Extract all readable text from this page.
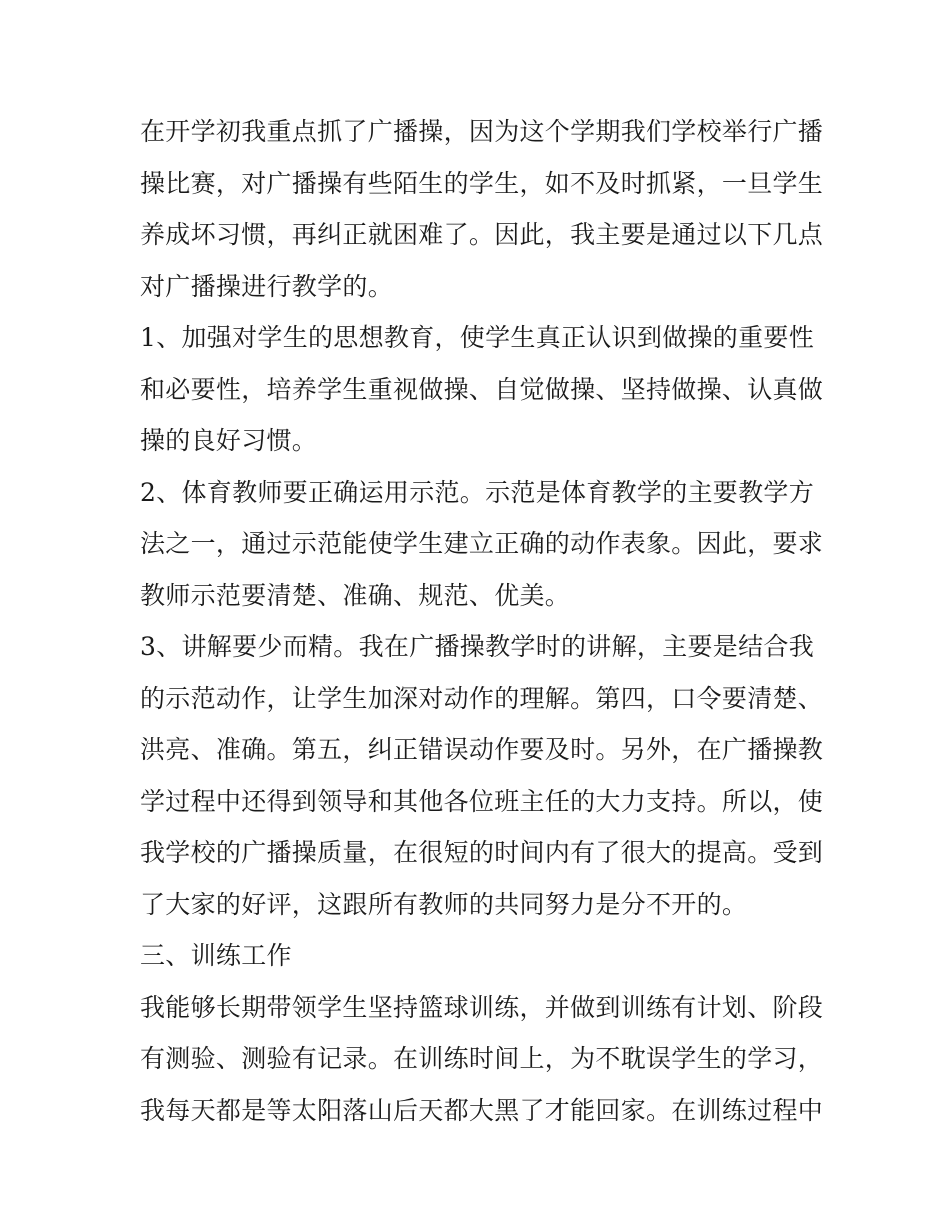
在开学初我重点抓了广播操，因为这个学期我们学校举行广播
操比赛，对广播操有些陌生的学生，如不及时抓紧，一旦学生
养成坏习惯，再纠正就困难了。因此，我主要是通过以下几点
对广播操进行教学的。
1、加强对学生的思想教育，使学生真正认识到做操的重要性
和必要性，培养学生重视做操、自觉做操、坚持做操、认真做
操的良好习惯。
2、体育教师要正确运用示范。示范是体育教学的主要教学方
法之一，通过示范能使学生建立正确的动作表象。因此，要求
教师示范要清楚、准确、规范、优美。
3、讲解要少而精。我在广播操教学时的讲解，主要是结合我
的示范动作，让学生加深对动作的理解。第四，口令要清楚、
洪亮、准确。第五，纠正错误动作要及时。另外，在广播操教
学过程中还得到领导和其他各位班主任的大力支持。所以，使
我学校的广播操质量，在很短的时间内有了很大的提高。受到
了大家的好评，这跟所有教师的共同努力是分不开的。
三、训练工作
我能够长期带领学生坚持篮球训练，并做到训练有计划、阶段
有测验、测验有记录。在训练时间上，为不耽误学生的学习，
我每天都是等太阳落山后天都大黑了才能回家。在训练过程中
